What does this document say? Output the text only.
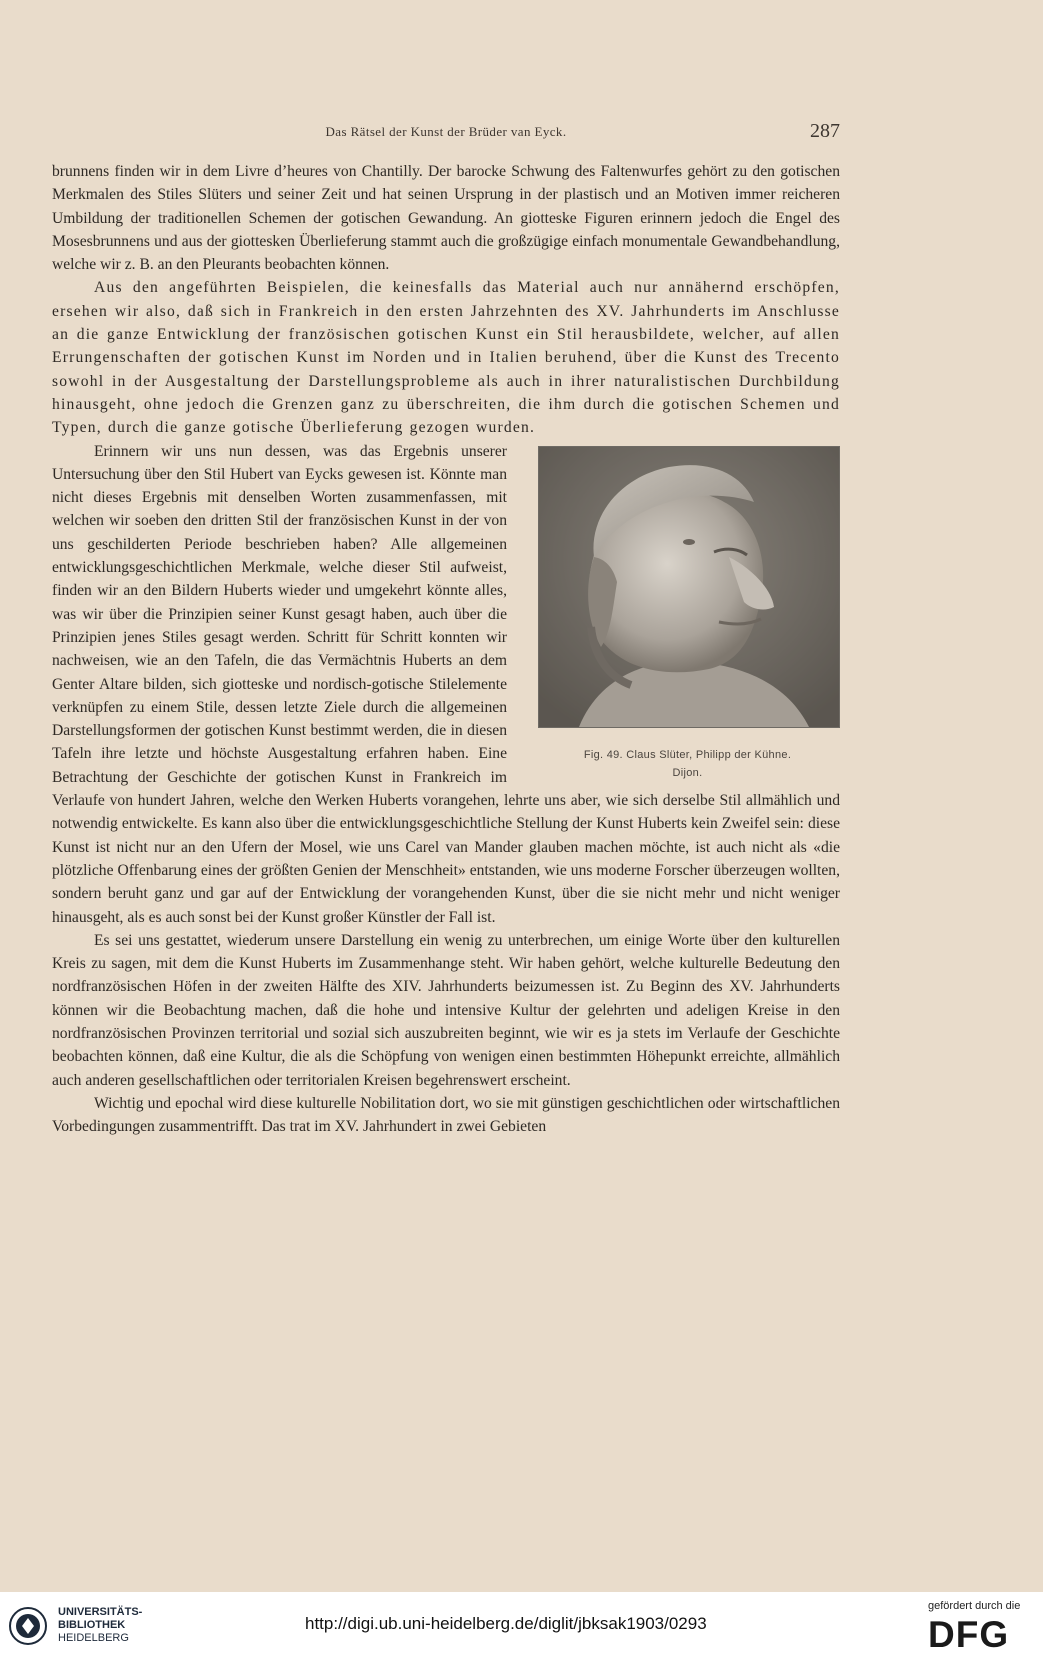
Das Rätsel der Kunst der Brüder van Eyck.	287

brunnens finden wir in dem Livre d’heures von Chantilly. Der barocke Schwung des Faltenwurfes gehört zu den gotischen Merkmalen des Stiles Slüters und seiner Zeit und hat seinen Ursprung in der plastisch und an Motiven immer reicheren Umbildung der traditionellen Schemen der gotischen Gewandung. An giotteske Figuren erinnern jedoch die Engel des Mosesbrunnens und aus der giottesken Überlieferung stammt auch die großzügige einfach monumentale Gewandbehandlung, welche wir z. B. an den Pleurants beobachten können.

Aus den angeführten Beispielen, die keinesfalls das Material auch nur annähernd erschöpfen, ersehen wir also, daß sich in Frankreich in den ersten Jahrzehnten des XV. Jahrhunderts im Anschlusse an die ganze Entwicklung der französischen gotischen Kunst ein Stil herausbildete, welcher, auf allen Errungenschaften der gotischen Kunst im Norden und in Italien beruhend, über die Kunst des Trecento sowohl in der Ausgestaltung der Darstellungsprobleme als auch in ihrer naturalistischen Durchbildung hinausgeht, ohne jedoch die Grenzen ganz zu überschreiten, die ihm durch die gotischen Schemen und Typen, durch die ganze gotische Überlieferung gezogen wurden.

Fig. 49. Claus Slüter, Philipp der Kühne.
Dijon.

Erinnern wir uns nun dessen, was das Ergebnis unserer Untersuchung über den Stil Hubert van Eycks gewesen ist. Könnte man nicht dieses Ergebnis mit denselben Worten zusammenfassen, mit welchen wir soeben den dritten Stil der französischen Kunst in der von uns geschilderten Periode beschrieben haben? Alle allgemeinen entwicklungsgeschichtlichen Merkmale, welche dieser Stil aufweist, finden wir an den Bildern Huberts wieder und umgekehrt könnte alles, was wir über die Prinzipien seiner Kunst gesagt haben, auch über die Prinzipien jenes Stiles gesagt werden. Schritt für Schritt konnten wir nachweisen, wie an den Tafeln, die das Vermächtnis Huberts an dem Genter Altare bilden, sich giotteske und nordisch-gotische Stilelemente verknüpfen zu einem Stile, dessen letzte Ziele durch die allgemeinen Darstellungsformen der gotischen Kunst bestimmt werden, die in diesen Tafeln ihre letzte und höchste Ausgestaltung erfahren haben. Eine Betrachtung der Geschichte der gotischen Kunst in Frankreich im Verlaufe von hundert Jahren, welche den Werken Huberts vorangehen, lehrte uns aber, wie sich derselbe Stil allmählich und notwendig entwickelte. Es kann also über die entwicklungsgeschichtliche Stellung der Kunst Huberts kein Zweifel sein: diese Kunst ist nicht nur an den Ufern der Mosel, wie uns Carel van Mander glauben machen möchte, ist auch nicht als «die plötzliche Offenbarung eines der größten Genien der Menschheit» entstanden, wie uns moderne Forscher überzeugen wollten, sondern beruht ganz und gar auf der Entwicklung der vorangehenden Kunst, über die sie nicht mehr und nicht weniger hinausgeht, als es auch sonst bei der Kunst großer Künstler der Fall ist.

Es sei uns gestattet, wiederum unsere Darstellung ein wenig zu unterbrechen, um einige Worte über den kulturellen Kreis zu sagen, mit dem die Kunst Huberts im Zusammenhange steht. Wir haben gehört, welche kulturelle Bedeutung den nordfranzösischen Höfen in der zweiten Hälfte des XIV. Jahrhunderts beizumessen ist. Zu Beginn des XV. Jahrhunderts können wir die Beobachtung machen, daß die hohe und intensive Kultur der gelehrten und adeligen Kreise in den nordfranzösischen Provinzen territorial und sozial sich auszubreiten beginnt, wie wir es ja stets im Verlaufe der Geschichte beobachten können, daß eine Kultur, die als die Schöpfung von wenigen einen bestimmten Höhepunkt erreichte, allmählich auch anderen gesellschaftlichen oder territorialen Kreisen begehrenswert erscheint.

Wichtig und epochal wird diese kulturelle Nobilitation dort, wo sie mit günstigen geschichtlichen oder wirtschaftlichen Vorbedingungen zusammentrifft. Das trat im XV. Jahrhundert in zwei Gebieten

UNIVERSITÄTS-
BIBLIOTHEK
HEIDELBERG
http://digi.ub.uni-heidelberg.de/diglit/jbksak1903/0293
gefördert durch die
DFG
